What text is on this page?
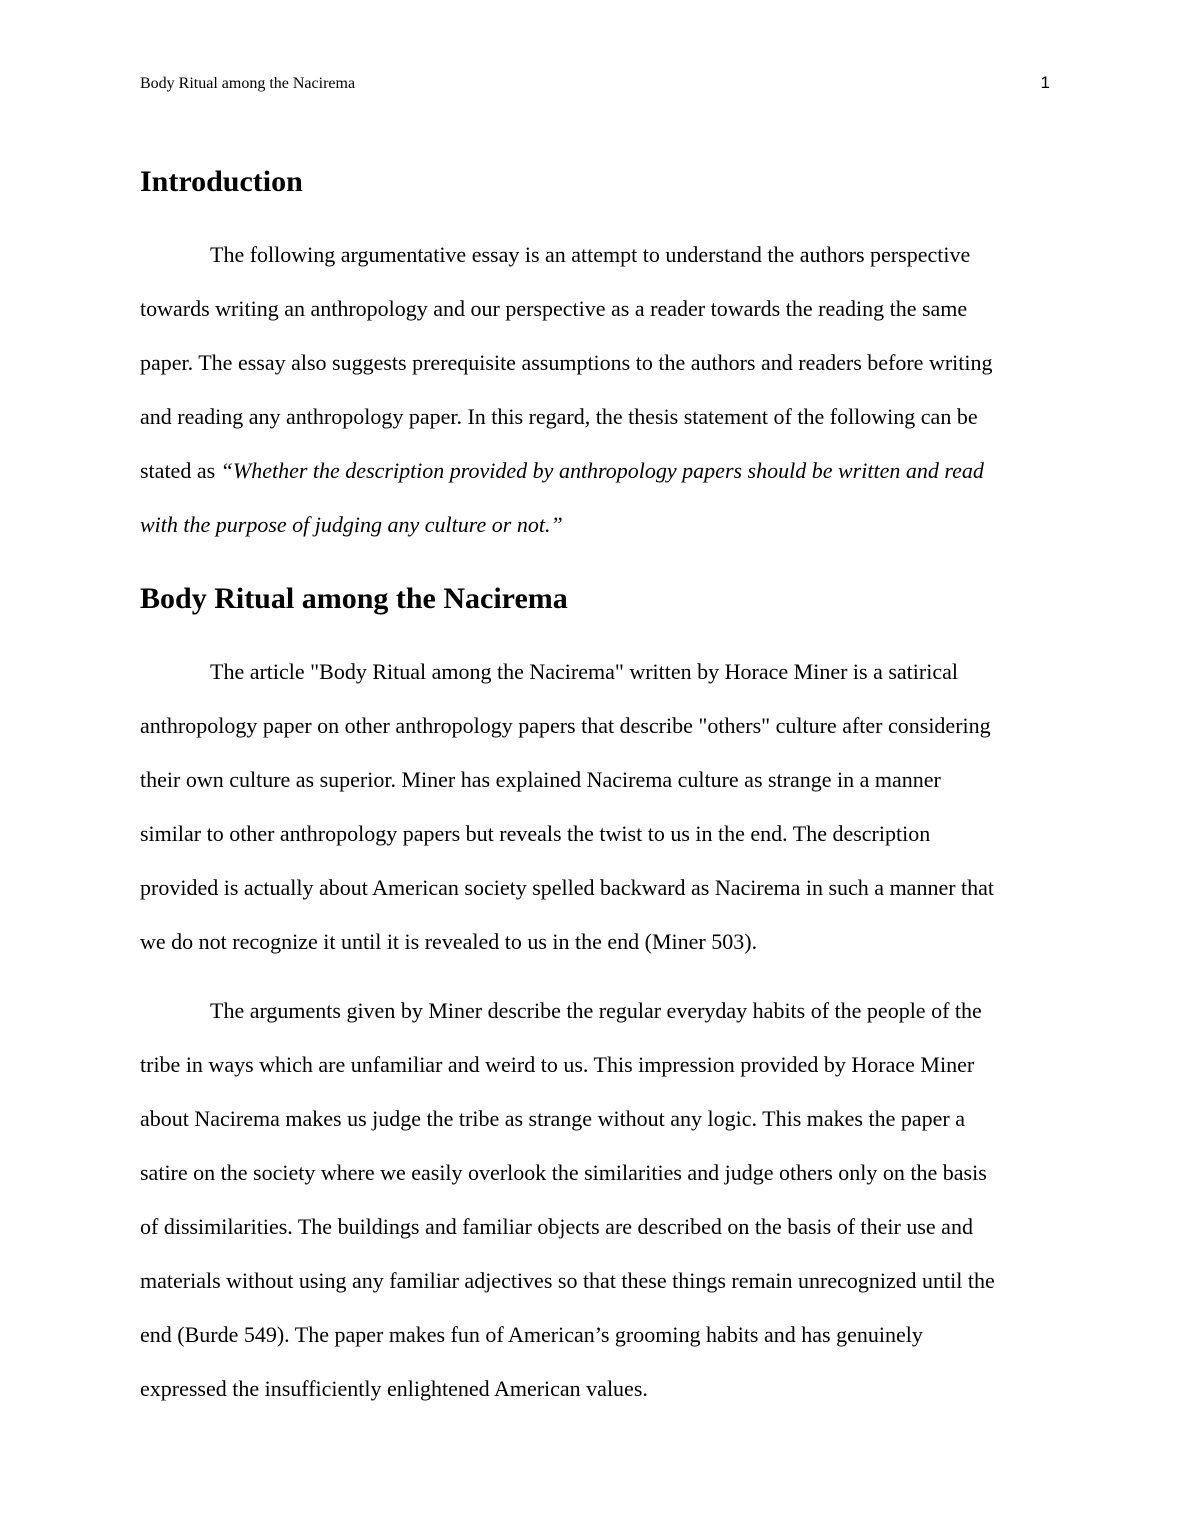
Body Ritual among the Nacirema	1
Introduction
The following argumentative essay is an attempt to understand the authors perspective
towards writing an anthropology and our perspective as a reader towards the reading the same
paper. The essay also suggests prerequisite assumptions to the authors and readers before writing
and reading any anthropology paper. In this regard, the thesis statement of the following can be
stated as “Whether the description provided by anthropology papers should be written and read
with the purpose of judging any culture or not.”
Body Ritual among the Nacirema
The article "Body Ritual among the Nacirema" written by Horace Miner is a satirical
anthropology paper on other anthropology papers that describe "others" culture after considering
their own culture as superior. Miner has explained Nacirema culture as strange in a manner
similar to other anthropology papers but reveals the twist to us in the end. The description
provided is actually about American society spelled backward as Nacirema in such a manner that
we do not recognize it until it is revealed to us in the end (Miner 503).
The arguments given by Miner describe the regular everyday habits of the people of the
tribe in ways which are unfamiliar and weird to us. This impression provided by Horace Miner
about Nacirema makes us judge the tribe as strange without any logic. This makes the paper a
satire on the society where we easily overlook the similarities and judge others only on the basis
of dissimilarities. The buildings and familiar objects are described on the basis of their use and
materials without using any familiar adjectives so that these things remain unrecognized until the
end (Burde 549). The paper makes fun of American’s grooming habits and has genuinely
expressed the insufficiently enlightened American values.
